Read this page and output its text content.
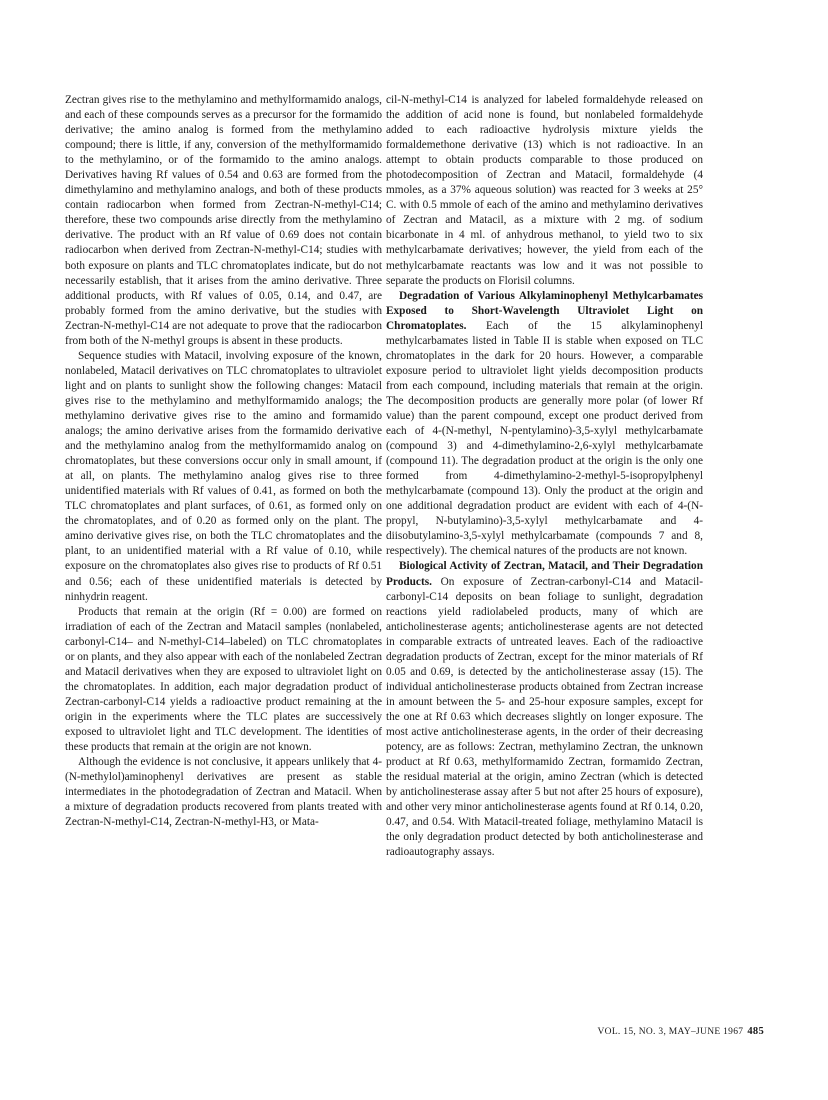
Zectran gives rise to the methylamino and methylformamido analogs, and each of these compounds serves as a precursor for the formamido derivative; the amino analog is formed from the methylamino compound; there is little, if any, conversion of the methylformamido to the methylamino, or of the formamido to the amino analogs. Derivatives having Rf values of 0.54 and 0.63 are formed from the dimethylamino and methylamino analogs, and both of these products contain radiocarbon when formed from Zectran-N-methyl-C14; therefore, these two compounds arise directly from the methylamino derivative. The product with an Rf value of 0.69 does not contain radiocarbon when derived from Zectran-N-methyl-C14; studies with both exposure on plants and TLC chromatoplates indicate, but do not necessarily establish, that it arises from the amino derivative. Three additional products, with Rf values of 0.05, 0.14, and 0.47, are probably formed from the amino derivative, but the studies with Zectran-N-methyl-C14 are not adequate to prove that the radiocarbon from both of the N-methyl groups is absent in these products.

Sequence studies with Matacil, involving exposure of the known, nonlabeled, Matacil derivatives on TLC chromatoplates to ultraviolet light and on plants to sunlight show the following changes: Matacil gives rise to the methylamino and methylformamido analogs; the methylamino derivative gives rise to the amino and formamido analogs; the amino derivative arises from the formamido derivative and the methylamino analog from the methylformamido analog on chromatoplates, but these conversions occur only in small amount, if at all, on plants. The methylamino analog gives rise to three unidentified materials with Rf values of 0.41, as formed on both the TLC chromatoplates and plant surfaces, of 0.61, as formed only on the chromatoplates, and of 0.20 as formed only on the plant. The amino derivative gives rise, on both the TLC chromatoplates and the plant, to an unidentified material with a Rf value of 0.10, while exposure on the chromatoplates also gives rise to products of Rf 0.51 and 0.56; each of these unidentified materials is detected by ninhydrin reagent.

Products that remain at the origin (Rf = 0.00) are formed on irradiation of each of the Zectran and Matacil samples (nonlabeled, carbonyl-C14– and N-methyl-C14–labeled) on TLC chromatoplates or on plants, and they also appear with each of the nonlabeled Zectran and Matacil derivatives when they are exposed to ultraviolet light on the chromatoplates. In addition, each major degradation product of Zectran-carbonyl-C14 yields a radioactive product remaining at the origin in the experiments where the TLC plates are successively exposed to ultraviolet light and TLC development. The identities of these products that remain at the origin are not known.

Although the evidence is not conclusive, it appears unlikely that 4-(N-methylol)aminophenyl derivatives are present as stable intermediates in the photodegradation of Zectran and Matacil. When a mixture of degradation products recovered from plants treated with Zectran-N-methyl-C14, Zectran-N-methyl-H3, or Mata-

cil-N-methyl-C14 is analyzed for labeled formaldehyde released on the addition of acid none is found, but nonlabeled formaldehyde added to each radioactive hydrolysis mixture yields the formaldemethone derivative (13) which is not radioactive. In an attempt to obtain products comparable to those produced on photodecomposition of Zectran and Matacil, formaldehyde (4 mmoles, as a 37% aqueous solution) was reacted for 3 weeks at 25° C. with 0.5 mmole of each of the amino and methylamino derivatives of Zectran and Matacil, as a mixture with 2 mg. of sodium bicarbonate in 4 ml. of anhydrous methanol, to yield two to six methylcarbamate derivatives; however, the yield from each of the methylcarbamate reactants was low and it was not possible to separate the products on Florisil columns.

Degradation of Various Alkylaminophenyl Methylcarbamates Exposed to Short-Wavelength Ultraviolet Light on Chromatoplates. Each of the 15 alkylaminophenyl methylcarbamates listed in Table II is stable when exposed on TLC chromatoplates in the dark for 20 hours. However, a comparable exposure period to ultraviolet light yields decomposition products from each compound, including materials that remain at the origin. The decomposition products are generally more polar (of lower Rf value) than the parent compound, except one product derived from each of 4-(N-methyl, N-pentylamino)-3,5-xylyl methylcarbamate (compound 3) and 4-dimethylamino-2,6-xylyl methylcarbamate (compound 11). The degradation product at the origin is the only one formed from 4-dimethylamino-2-methyl-5-isopropylphenyl methylcarbamate (compound 13). Only the product at the origin and one additional degradation product are evident with each of 4-(N-propyl, N-butylamino)-3,5-xylyl methylcarbamate and 4-diisobutylamino-3,5-xylyl methylcarbamate (compounds 7 and 8, respectively). The chemical natures of the products are not known.

Biological Activity of Zectran, Matacil, and Their Degradation Products. On exposure of Zectran-carbonyl-C14 and Matacil-carbonyl-C14 deposits on bean foliage to sunlight, degradation reactions yield radiolabeled products, many of which are anticholinesterase agents; anticholinesterase agents are not detected in comparable extracts of untreated leaves. Each of the radioactive degradation products of Zectran, except for the minor materials of Rf 0.05 and 0.69, is detected by the anticholinesterase assay (15). The individual anticholinesterase products obtained from Zectran increase in amount between the 5- and 25-hour exposure samples, except for the one at Rf 0.63 which decreases slightly on longer exposure. The most active anticholinesterase agents, in the order of their decreasing potency, are as follows: Zectran, methylamino Zectran, the unknown product at Rf 0.63, methylformamido Zectran, formamido Zectran, the residual material at the origin, amino Zectran (which is detected by anticholinesterase assay after 5 but not after 25 hours of exposure), and other very minor anticholinesterase agents found at Rf 0.14, 0.20, 0.47, and 0.54. With Matacil-treated foliage, methylamino Matacil is the only degradation product detected by both anticholinesterase and radioautography assays.

VOL. 15, NO. 3, MAY–JUNE 1967 485
